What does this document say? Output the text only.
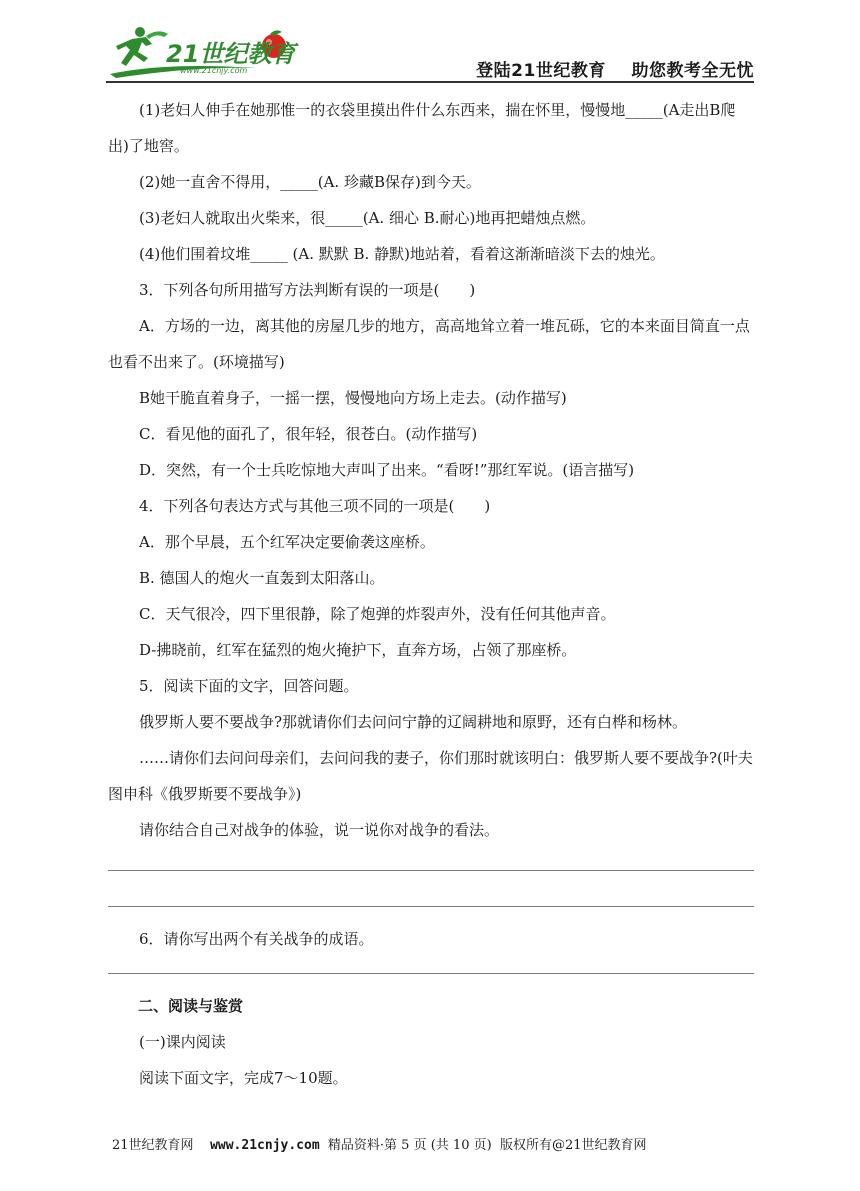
21世纪教育
www.21cnjy.com	登陆21世纪教育    助您教考全无忧

(1)老妇人伸手在她那惟一的衣袋里摸出件什么东西来，揣在怀里，慢慢地_____(A走出B爬出)了地窖。

(2)她一直舍不得用，_____(A. 珍藏B保存)到今天。

(3)老妇人就取出火柴来，很_____(A. 细心 B.耐心)地再把蜡烛点燃。

(4)他们围着坟堆_____ (A. 默默 B. 静默)地站着，看着这渐渐暗淡下去的烛光。

3．下列各句所用描写方法判断有误的一项是(　　)

A．方场的一边，离其他的房屋几步的地方，高高地耸立着一堆瓦砾，它的本来面目简直一点也看不出来了。(环境描写)

B她干脆直着身子，一摇一摆，慢慢地向方场上走去。(动作描写)

C．看见他的面孔了，很年轻，很苍白。(动作描写)

D．突然，有一个士兵吃惊地大声叫了出来。“看呀!”那红军说。(语言描写)

4．下列各句表达方式与其他三项不同的一项是(　　)

A．那个早晨，五个红军决定要偷袭这座桥。

B. 德国人的炮火一直轰到太阳落山。

C．天气很冷，四下里很静，除了炮弹的炸裂声外，没有任何其他声音。

D-拂晓前，红军在猛烈的炮火掩护下，直奔方场，占领了那座桥。

5．阅读下面的文字，回答问题。

俄罗斯人要不要战争?那就请你们去问问宁静的辽阔耕地和原野，还有白桦和杨林。

……请你们去问问母亲们，去问问我的妻子，你们那时就该明白：俄罗斯人要不要战争?(叶夫图申科《俄罗斯要不要战争》)

请你结合自己对战争的体验，说一说你对战争的看法。

6．请你写出两个有关战争的成语。

二、阅读与鉴赏

(一)课内阅读

阅读下面文字，完成7～10题。

21世纪教育网 www.21cnjy.com 精品资料·第 5 页 (共 10 页) 版权所有@21世纪教育网
